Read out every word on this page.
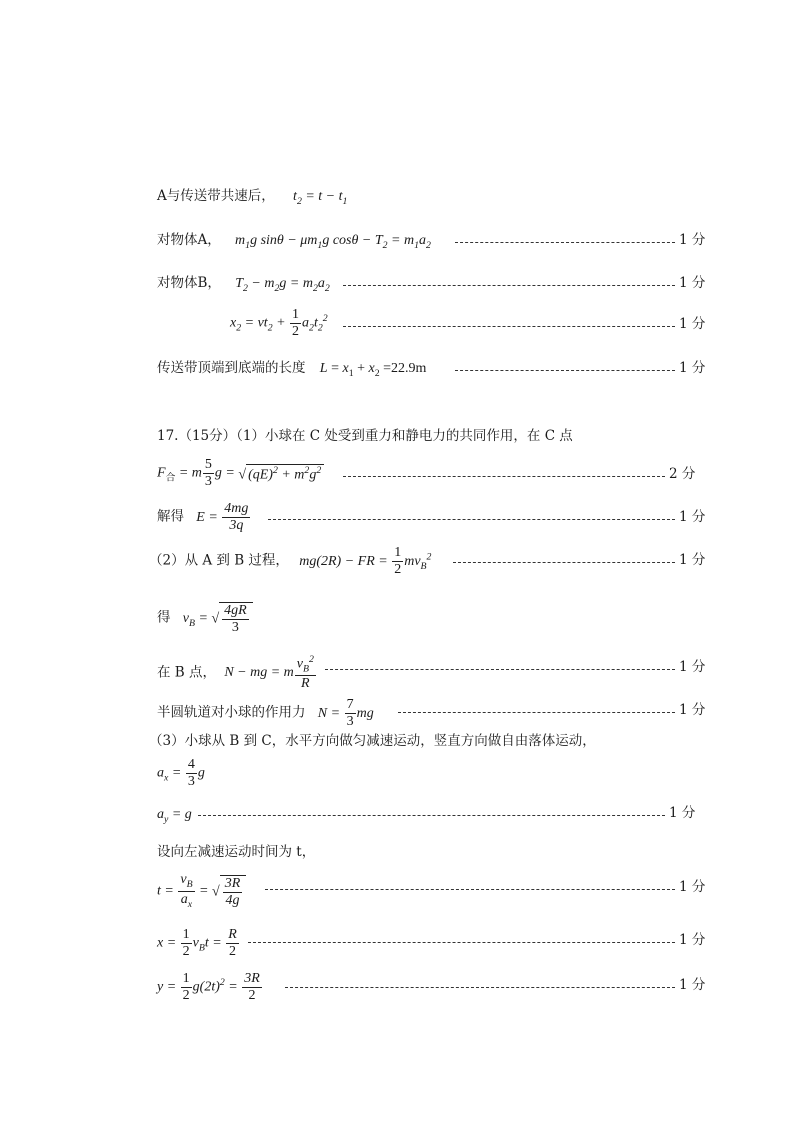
A与传送带共速后， $t_2 = t - t_1$
对物体A， $m_1g$ $\sin\theta - \mu m_1g$ $\cos\theta - T_2 = m_1a_2$	1 分
对物体B， $T_2 - m_2g = m_2a_2$	1 分
$x_2 = vt_2 + \frac{1}{2} a_2t_2^2$	1 分
传送带顶端到底端的长度 $L = x_1 + x_2 =22.9m$	1 分
17.（15分）（1）小球在 C 处受到重力和静电力的共同作用，在 C 点
$F_合 = m \frac{5}{3}$ g = √ $(qE)^2 + m^2g^2$	2 分
解得 $E = \frac{4mg}{3q}$	1 分
（2）从 A 到 B 过程， mg(2R) − FR = $\frac{1}{2} mv_B^2$	1 分
得 $v_B$ = √ $\frac{4gR}{3}$
在 B 点， N − mg = m $\frac{v_B^2}{R}$	1 分
半圆轨道对小球的作用力 $N = \frac{7}{3}$ mg	1 分
（3）小球从 B 到 C，水平方向做匀减速运动，竖直方向做自由落体运动，
$a_x = \frac{4}{3}$ g
$a_y = g$	1 分
设向左减速运动时间为 t，
$t = \frac{v_B}{a_x}$ = √ $\frac{3R}{4g}$	1 分
$x = \frac{1}{2} v_Bt = \frac{R}{2}$	1 分
$y = \frac{1}{2} g(2t)^2 = \frac{3R}{2}$	1 分
